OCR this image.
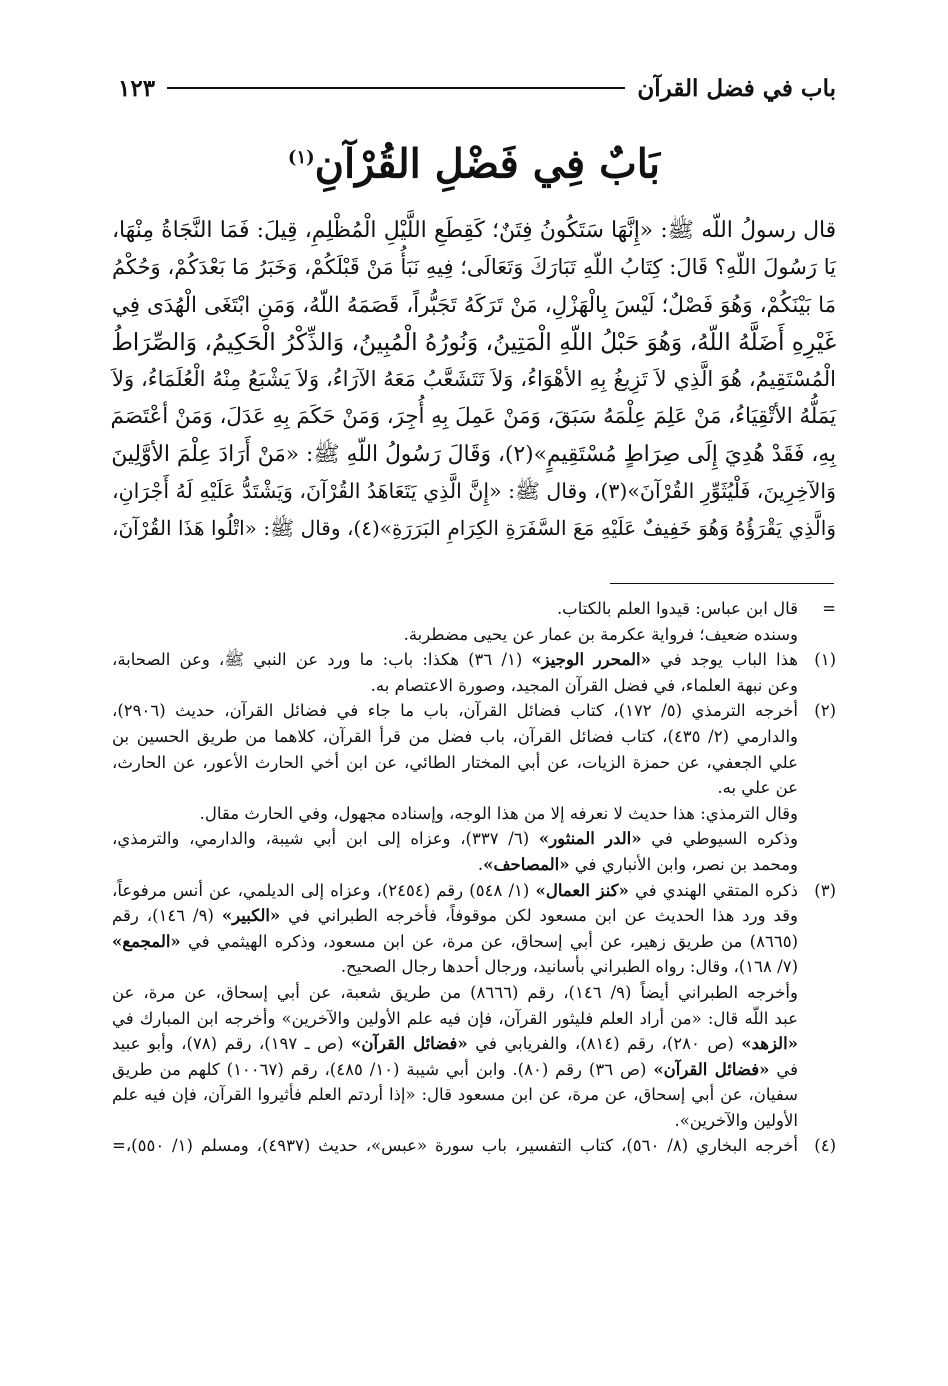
باب في فضل القرآن
١٢٣
بَابٌ فِي فَضْلِ القُرْآنِ$^{(١)}$

قال رسولُ اللّه ﷺ: «إِنَّهَا سَتَكُونُ فِتَنٌ؛ كَقِطَعِ اللَّيْلِ الْمُظْلِمِ، قِيلَ: فَمَا النَّجَاةُ مِنْهَا،

يَا رَسُولَ اللّهِ؟ قَالَ: كِتَابُ اللّهِ تَبَارَكَ وَتَعَالَى؛ فِيهِ نَبَأُ مَنْ قَبْلَكُمْ، وَخَبَرُ مَا بَعْدَكُمْ، وَحُكْمُ

مَا بَيْنَكُمْ، وَهُوَ فَصْلٌ؛ لَيْسَ بِالْهَزْلِ، مَنْ تَرَكَهُ تَجَبُّراً، قَصَمَهُ اللّهُ، وَمَنِ ابْتَغَى الْهُدَى فِي

غَيْرِهِ أَضَلَّهُ اللّهُ، وَهُوَ حَبْلُ اللّهِ الْمَتِينُ، وَنُورُهُ الْمُبِينُ، وَالذِّكْرُ الْحَكِيمُ، وَالصِّرَاطُ

الْمُسْتَقِيمُ، هُوَ الَّذِي لاَ تَزِيغُ بِهِ الأهْوَاءُ، وَلاَ تَتَشَعَّبُ مَعَهُ الآرَاءُ، وَلاَ يَشْبَعُ مِنْهُ الْعُلَمَاءُ، وَلاَ

يَمَلُّهُ الأتْقِيَاءُ، مَنْ عَلِمَ عِلْمَهُ سَبَقَ، وَمَنْ عَمِلَ بِهِ أُجِرَ، وَمَنْ حَكَمَ بِهِ عَدَلَ، وَمَنْ أعْتَصَمَ

بِهِ، فَقَدْ هُدِيَ إِلَى صِرَاطٍ مُسْتَقِيمٍ»(٢)، وَقَالَ رَسُولُ اللّهِ ﷺ: «مَنْ أَرَادَ عِلْمَ الأوَّلِينَ

وَالآخِرِينَ، فَلْيُثَوِّرِ القُرْآنَ»(٣)، وقال ﷺ: «إِنَّ الَّذِي يَتَعَاهَدُ القُرْآنَ، وَيَشْتَدُّ عَلَيْهِ لَهُ أَجْرَانِ،

وَالَّذِي يَقْرَؤُهُ وَهُوَ خَفِيفٌ عَلَيْهِ مَعَ السَّفَرَةِ الكِرَامِ البَرَرَةِ»(٤)، وقال ﷺ: «اتْلُوا هَذَا القُرْآنَ،

=

قال ابن عباس: قيدوا العلم بالكتاب.

وسنده ضعيف؛ فرواية عكرمة بن عمار عن يحيى مضطربة.

(١)

هذا الباب يوجد في «المحرر الوجيز» (١/ ٣٦) هكذا: باب: ما ورد عن النبي ﷺ، وعن الصحابة،

وعن نبهة العلماء، في فضل القرآن المجيد، وصورة الاعتصام به.

(٢)

أخرجه الترمذي (٥/ ١٧٢)، كتاب فضائل القرآن، باب ما جاء في فضائل القرآن، حديث (٢٩٠٦)،

والدارمي (٢/ ٤٣٥)، كتاب فضائل القرآن، باب فضل من قرأ القرآن، كلاهما من طريق الحسين بن

علي الجعفي، عن حمزة الزيات، عن أبي المختار الطائي، عن ابن أخي الحارث الأعور، عن الحارث،

عن علي به.

وقال الترمذي: هذا حديث لا نعرفه إلا من هذا الوجه، وإسناده مجهول، وفي الحارث مقال.

وذكره السيوطي في «الدر المنثور» (٦/ ٣٣٧)، وعزاه إلى ابن أبي شيبة، والدارمي، والترمذي،

ومحمد بن نصر، وابن الأنباري في «المصاحف».

(٣)

ذكره المتقي الهندي في «كنز العمال» (١/ ٥٤٨) رقم (٢٤٥٤)، وعزاه إلى الديلمي، عن أنس مرفوعاً،

وقد ورد هذا الحديث عن ابن مسعود لكن موقوفاً، فأخرجه الطبراني في «الكبير» (٩/ ١٤٦)، رقم

(٨٦٦٥) من طريق زهير، عن أبي إسحاق، عن مرة، عن ابن مسعود، وذكره الهيثمي في «المجمع»

(٧/ ١٦٨)، وقال: رواه الطبراني بأسانيد، ورجال أحدها رجال الصحيح.

وأخرجه الطبراني أيضاً (٩/ ١٤٦)، رقم (٨٦٦٦) من طريق شعبة، عن أبي إسحاق، عن مرة، عن

عبد اللّه قال: «من أراد العلم فليثور القرآن، فإن فيه علم الأولين والآخرين» وأخرجه ابن المبارك في

«الزهد» (ص ٢٨٠)، رقم (٨١٤)، والفريابي في «فضائل القرآن» (ص ـ ١٩٧)، رقم (٧٨)، وأبو عبيد

في «فضائل القرآن» (ص ٣٦) رقم (٨٠). وابن أبي شيبة (١٠/ ٤٨٥)، رقم (١٠٠٦٧) كلهم من طريق

سفيان، عن أبي إسحاق، عن مرة، عن ابن مسعود قال: «إذا أردتم العلم فأثيروا القرآن، فإن فيه علم

الأولين والآخرين».

(٤)

أخرجه البخاري (٨/ ٥٦٠)، كتاب التفسير، باب سورة «عبس»، حديث (٤٩٣٧)، ومسلم (١/ ٥٥٠)،=
